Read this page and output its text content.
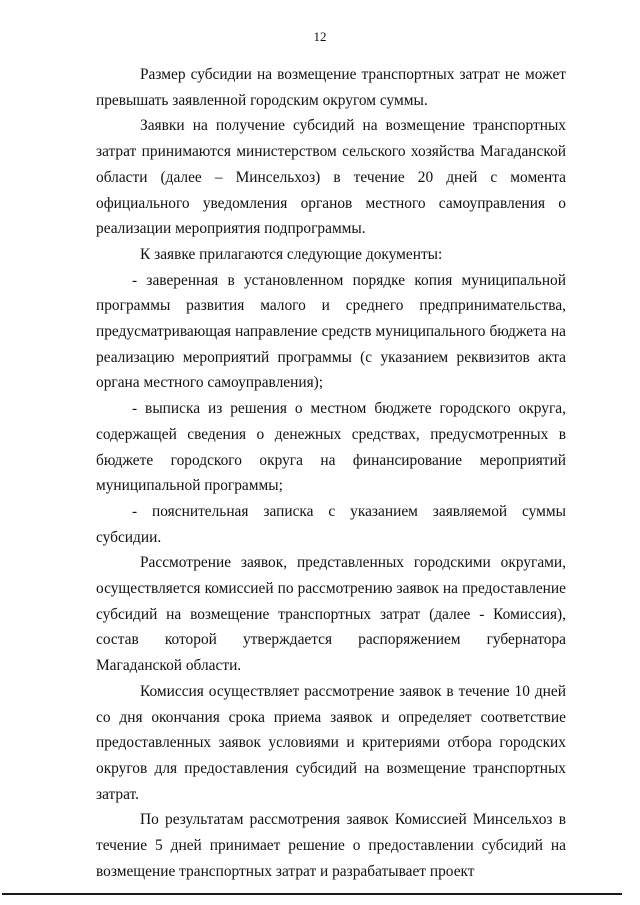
12

Размер субсидии на возмещение транспортных затрат не может превышать заявленной городским округом суммы.

Заявки на получение субсидий на возмещение транспортных затрат принимаются министерством сельского хозяйства Магаданской области (далее – Минсельхоз) в течение 20 дней с момента официального уведомления органов местного самоуправления о реализации мероприятия подпрограммы.

К заявке прилагаются следующие документы:

- заверенная в установленном порядке копия муниципальной программы развития малого и среднего предпринимательства, предусматривающая направление средств муниципального бюджета на реализацию мероприятий программы (с указанием реквизитов акта органа местного самоуправления);

- выписка из решения о местном бюджете городского округа, содержащей сведения о денежных средствах, предусмотренных в бюджете городского округа на финансирование мероприятий муниципальной программы;

- пояснительная записка с указанием заявляемой суммы субсидии.

Рассмотрение заявок, представленных городскими округами, осуществляется комиссией по рассмотрению заявок на предоставление субсидий на возмещение транспортных затрат (далее - Комиссия), состав которой утверждается распоряжением губернатора Магаданской области.

Комиссия осуществляет рассмотрение заявок в течение 10 дней со дня окончания срока приема заявок и определяет соответствие предоставленных заявок условиями и критериями отбора городских округов для предоставления субсидий на возмещение транспортных затрат.

По результатам рассмотрения заявок Комиссией Минсельхоз в течение 5 дней принимает решение о предоставлении субсидий на возмещение транспортных затрат и разрабатывает проект
